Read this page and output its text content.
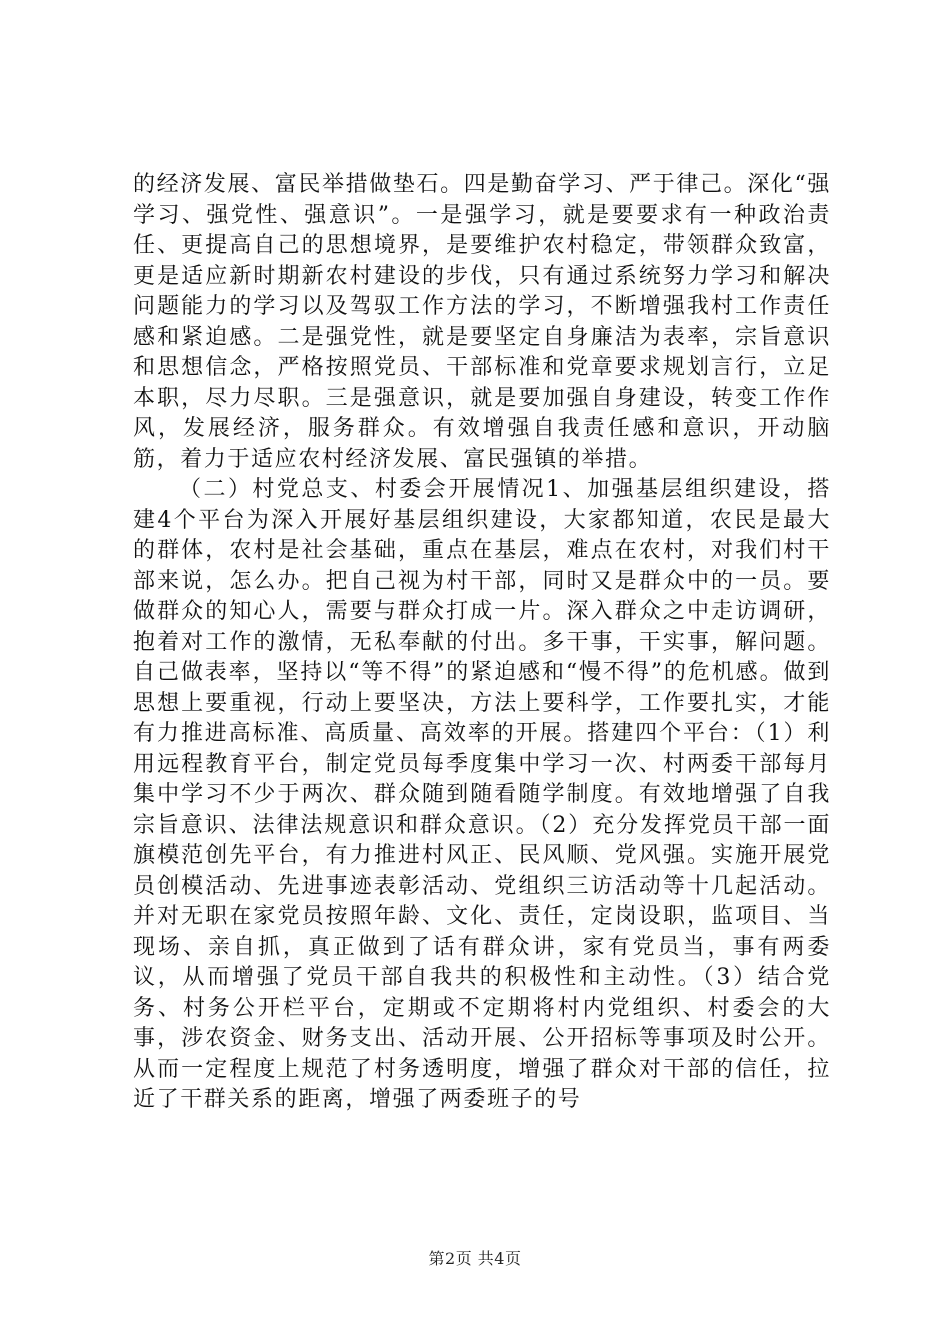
的经济发展、富民举措做垫石。四是勤奋学习、严于律己。深化“强学习、强党性、强意识”。一是强学习，就是要要求有一种政治责任、更提高自己的思想境界，是要维护农村稳定，带领群众致富，更是适应新时期新农村建设的步伐，只有通过系统努力学习和解决问题能力的学习以及驾驭工作方法的学习，不断增强我村工作责任感和紧迫感。二是强党性，就是要坚定自身廉洁为表率，宗旨意识和思想信念，严格按照党员、干部标准和党章要求规划言行，立足本职，尽力尽职。三是强意识，就是要加强自身建设，转变工作作风，发展经济，服务群众。有效增强自我责任感和意识，开动脑筋，着力于适应农村经济发展、富民强镇的举措。

（二）村党总支、村委会开展情况1、加强基层组织建设，搭建4个平台为深入开展好基层组织建设，大家都知道，农民是最大的群体，农村是社会基础，重点在基层，难点在农村，对我们村干部来说，怎么办。把自己视为村干部，同时又是群众中的一员。要做群众的知心人，需要与群众打成一片。深入群众之中走访调研，抱着对工作的激情，无私奉献的付出。多干事，干实事，解问题。自己做表率，坚持以“等不得”的紧迫感和“慢不得”的危机感。做到思想上要重视，行动上要坚决，方法上要科学，工作要扎实，才能有力推进高标准、高质量、高效率的开展。搭建四个平台：（1）利用远程教育平台，制定党员每季度集中学习一次、村两委干部每月集中学习不少于两次、群众随到随看随学制度。有效地增强了自我宗旨意识、法律法规意识和群众意识。（2）充分发挥党员干部一面旗模范创先平台，有力推进村风正、民风顺、党风强。实施开展党员创模活动、先进事迹表彰活动、党组织三访活动等十几起活动。并对无职在家党员按照年龄、文化、责任，定岗设职，监项目、当现场、亲自抓，真正做到了话有群众讲，家有党员当，事有两委议，从而增强了党员干部自我共的积极性和主动性。（3）结合党务、村务公开栏平台，定期或不定期将村内党组织、村委会的大事，涉农资金、财务支出、活动开展、公开招标等事项及时公开。从而一定程度上规范了村务透明度，增强了群众对干部的信任，拉近了干群关系的距离，增强了两委班子的号

第2页 共4页
